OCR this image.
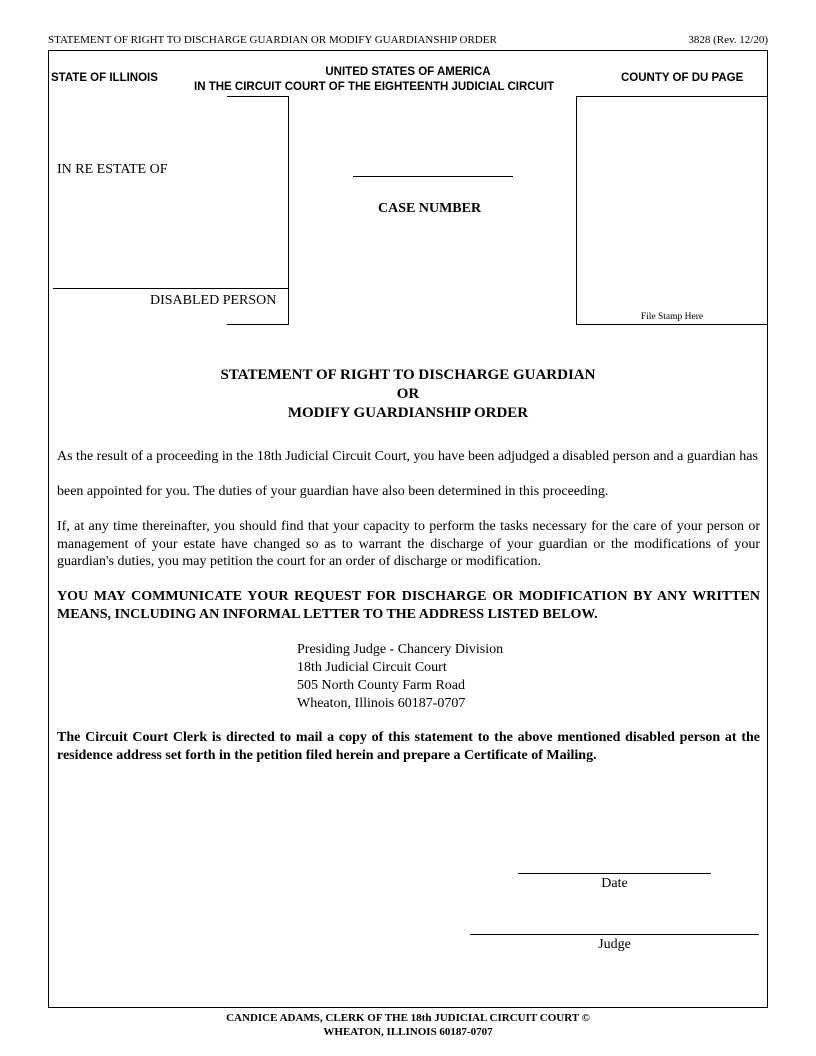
STATEMENT OF RIGHT TO DISCHARGE GUARDIAN OR MODIFY GUARDIANSHIP ORDER	3828 (Rev. 12/20)
STATE OF ILLINOIS	UNITED STATES OF AMERICA
IN THE CIRCUIT COURT OF THE EIGHTEENTH JUDICIAL CIRCUIT
COUNTY OF DU PAGE
IN RE ESTATE OF
DISABLED PERSON
CASE NUMBER
File Stamp Here
STATEMENT OF RIGHT TO DISCHARGE GUARDIAN
OR
MODIFY GUARDIANSHIP ORDER
As the result of a proceeding in the 18th Judicial Circuit Court, you have been adjudged a disabled person and a guardian has
been appointed for you. The duties of your guardian have also been determined in this proceeding.
If, at any time thereinafter, you should find that your capacity to perform the tasks necessary for the care of your person or management of your estate have changed so as to warrant the discharge of your guardian or the modifications of your guardian's duties, you may petition the court for an order of discharge or modification.
YOU MAY COMMUNICATE YOUR REQUEST FOR DISCHARGE OR MODIFICATION BY ANY WRITTEN MEANS, INCLUDING AN INFORMAL LETTER TO THE ADDRESS LISTED BELOW.
Presiding Judge - Chancery Division
18th Judicial Circuit Court
505 North County Farm Road
Wheaton, Illinois 60187-0707
The Circuit Court Clerk is directed to mail a copy of this statement to the above mentioned disabled person at the residence address set forth in the petition filed herein and prepare a Certificate of Mailing.
Date
Judge
CANDICE ADAMS, CLERK OF THE 18th JUDICIAL CIRCUIT COURT ©
WHEATON, ILLINOIS 60187-0707
